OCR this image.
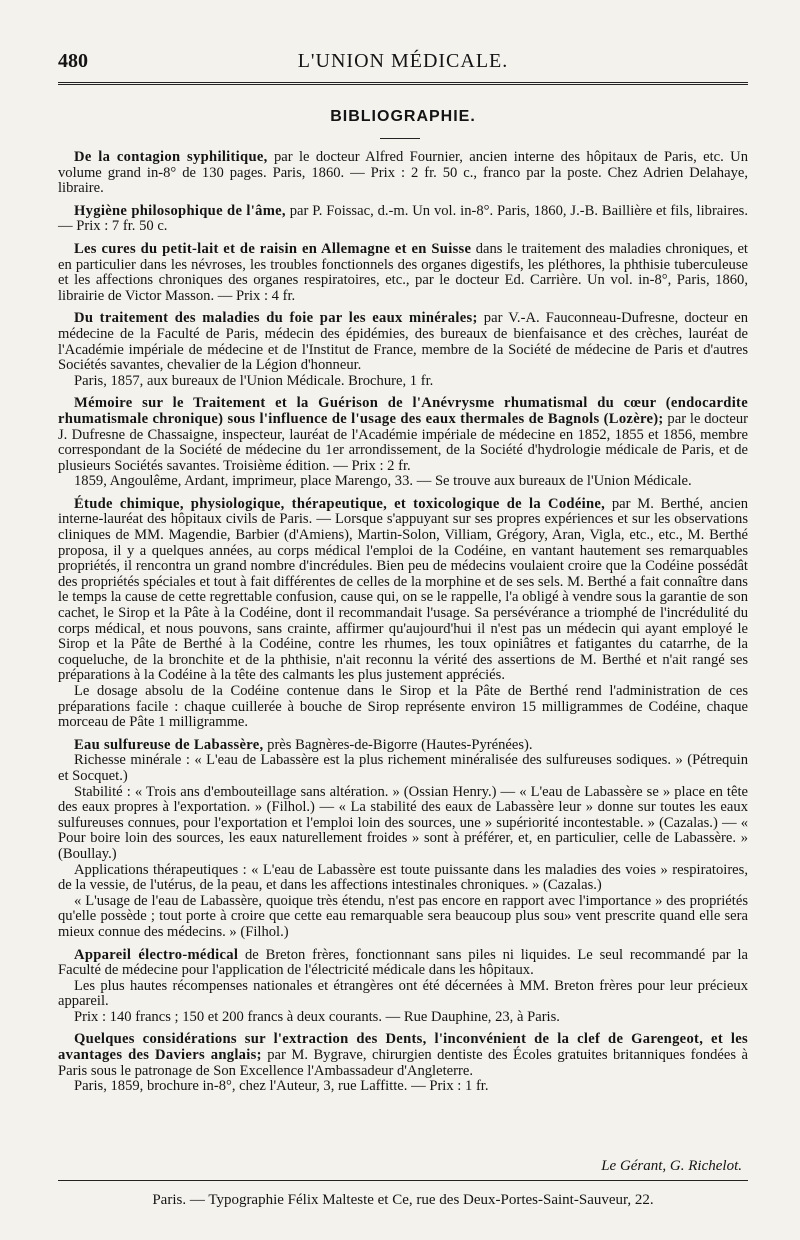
480	L'UNION MÉDICALE.
BIBLIOGRAPHIE.
De la contagion syphilitique, par le docteur Alfred Fournier, ancien interne des hôpitaux de Paris, etc. Un volume grand in-8° de 130 pages. Paris, 1860. — Prix : 2 fr. 50 c., franco par la poste. Chez Adrien Delahaye, libraire.
Hygiène philosophique de l'âme, par P. Foissac, d.-m. Un vol. in-8°. Paris, 1860, J.-B. Baillière et fils, libraires. — Prix : 7 fr. 50 c.
Les cures du petit-lait et de raisin en Allemagne et en Suisse dans le traitement des maladies chroniques, et en particulier dans les névroses, les troubles fonctionnels des organes digestifs, les pléthores, la phthisie tuberculeuse et les affections chroniques des organes respiratoires, etc., par le docteur Ed. Carrière. Un vol. in-8°, Paris, 1860, librairie de Victor Masson. — Prix : 4 fr.
Du traitement des maladies du foie par les eaux minérales; par V.-A. Fauconneau-Dufresne, docteur en médecine de la Faculté de Paris, médecin des épidémies, des bureaux de bienfaisance et des crèches, lauréat de l'Académie impériale de médecine et de l'Institut de France, membre de la Société de médecine de Paris et d'autres Sociétés savantes, chevalier de la Légion d'honneur.

Paris, 1857, aux bureaux de l'Union Médicale. Brochure, 1 fr.

Mémoire sur le Traitement et la Guérison de l'Anévrysme rhumatismal du cœur (endocardite rhumatismale chronique) sous l'influence de l'usage des eaux thermales de Bagnols (Lozère); par le docteur J. Dufresne de Chassaigne, inspecteur, lauréat de l'Académie impériale de médecine en 1852, 1855 et 1856, membre correspondant de la Société de médecine du 1er arrondissement, de la Société d'hydrologie médicale de Paris, et de plusieurs Sociétés savantes. Troisième édition. — Prix : 2 fr.

1859, Angoulême, Ardant, imprimeur, place Marengo, 33. — Se trouve aux bureaux de l'Union Médicale.

Étude chimique, physiologique, thérapeutique, et toxicologique de la Codéine, par M. Berthé, ancien interne-lauréat des hôpitaux civils de Paris. — Lorsque s'appuyant sur ses propres expériences et sur les observations cliniques de MM. Magendie, Barbier (d'Amiens), Martin-Solon, Villiam, Grégory, Aran, Vigla, etc., etc., M. Berthé proposa, il y a quelques années, au corps médical l'emploi de la Codéine, en vantant hautement ses remarquables propriétés, il rencontra un grand nombre d'incrédules. Bien peu de médecins voulaient croire que la Codéine possédât des propriétés spéciales et tout à fait différentes de celles de la morphine et de ses sels. M. Berthé a fait connaître dans le temps la cause de cette regrettable confusion, cause qui, on se le rappelle, l'a obligé à vendre sous la garantie de son cachet, le Sirop et la Pâte à la Codéine, dont il recommandait l'usage. Sa persévérance a triomphé de l'incrédulité du corps médical, et nous pouvons, sans crainte, affirmer qu'aujourd'hui il n'est pas un médecin qui ayant employé le Sirop et la Pâte de Berthé à la Codéine, contre les rhumes, les toux opiniâtres et fatigantes du catarrhe, de la coqueluche, de la bronchite et de la phthisie, n'ait reconnu la vérité des assertions de M. Berthé et n'ait rangé ses préparations à la Codéine à la tête des calmants les plus justement appréciés.

Le dosage absolu de la Codéine contenue dans le Sirop et la Pâte de Berthé rend l'administration de ces préparations facile : chaque cuillerée à bouche de Sirop représente environ 15 milligrammes de Codéine, chaque morceau de Pâte 1 milligramme.

Eau sulfureuse de Labassère, près Bagnères-de-Bigorre (Hautes-Pyrénées).

Richesse minérale : « L'eau de Labassère est la plus richement minéralisée des sulfureuses sodiques. » (Pétrequin et Socquet.)

Stabilité : « Trois ans d'embouteillage sans altération. » (Ossian Henry.) — « L'eau de Labassère se » place en tête des eaux propres à l'exportation. » (Filhol.) — « La stabilité des eaux de Labassère leur » donne sur toutes les eaux sulfureuses connues, pour l'exportation et l'emploi loin des sources, une » supériorité incontestable. » (Cazalas.) — « Pour boire loin des sources, les eaux naturellement froides » sont à préférer, et, en particulier, celle de Labassère. » (Boullay.)

Applications thérapeutiques : « L'eau de Labassère est toute puissante dans les maladies des voies » respiratoires, de la vessie, de l'utérus, de la peau, et dans les affections intestinales chroniques. » (Cazalas.)

« L'usage de l'eau de Labassère, quoique très étendu, n'est pas encore en rapport avec l'importance » des propriétés qu'elle possède ; tout porte à croire que cette eau remarquable sera beaucoup plus sou» vent prescrite quand elle sera mieux connue des médecins. » (Filhol.)

Appareil électro-médical de Breton frères, fonctionnant sans piles ni liquides. Le seul recommandé par la Faculté de médecine pour l'application de l'électricité médicale dans les hôpitaux.

Les plus hautes récompenses nationales et étrangères ont été décernées à MM. Breton frères pour leur précieux appareil.

Prix : 140 francs ; 150 et 200 francs à deux courants. — Rue Dauphine, 23, à Paris.

Quelques considérations sur l'extraction des Dents, l'inconvénient de la clef de Garengeot, et les avantages des Daviers anglais; par M. Bygrave, chirurgien dentiste des Écoles gratuites britanniques fondées à Paris sous le patronage de Son Excellence l'Ambassadeur d'Angleterre.

Paris, 1859, brochure in-8°, chez l'Auteur, 3, rue Laffitte. — Prix : 1 fr.

Le Gérant, G. Richelot.
Paris. — Typographie Félix Malteste et Ce, rue des Deux-Portes-Saint-Sauveur, 22.
